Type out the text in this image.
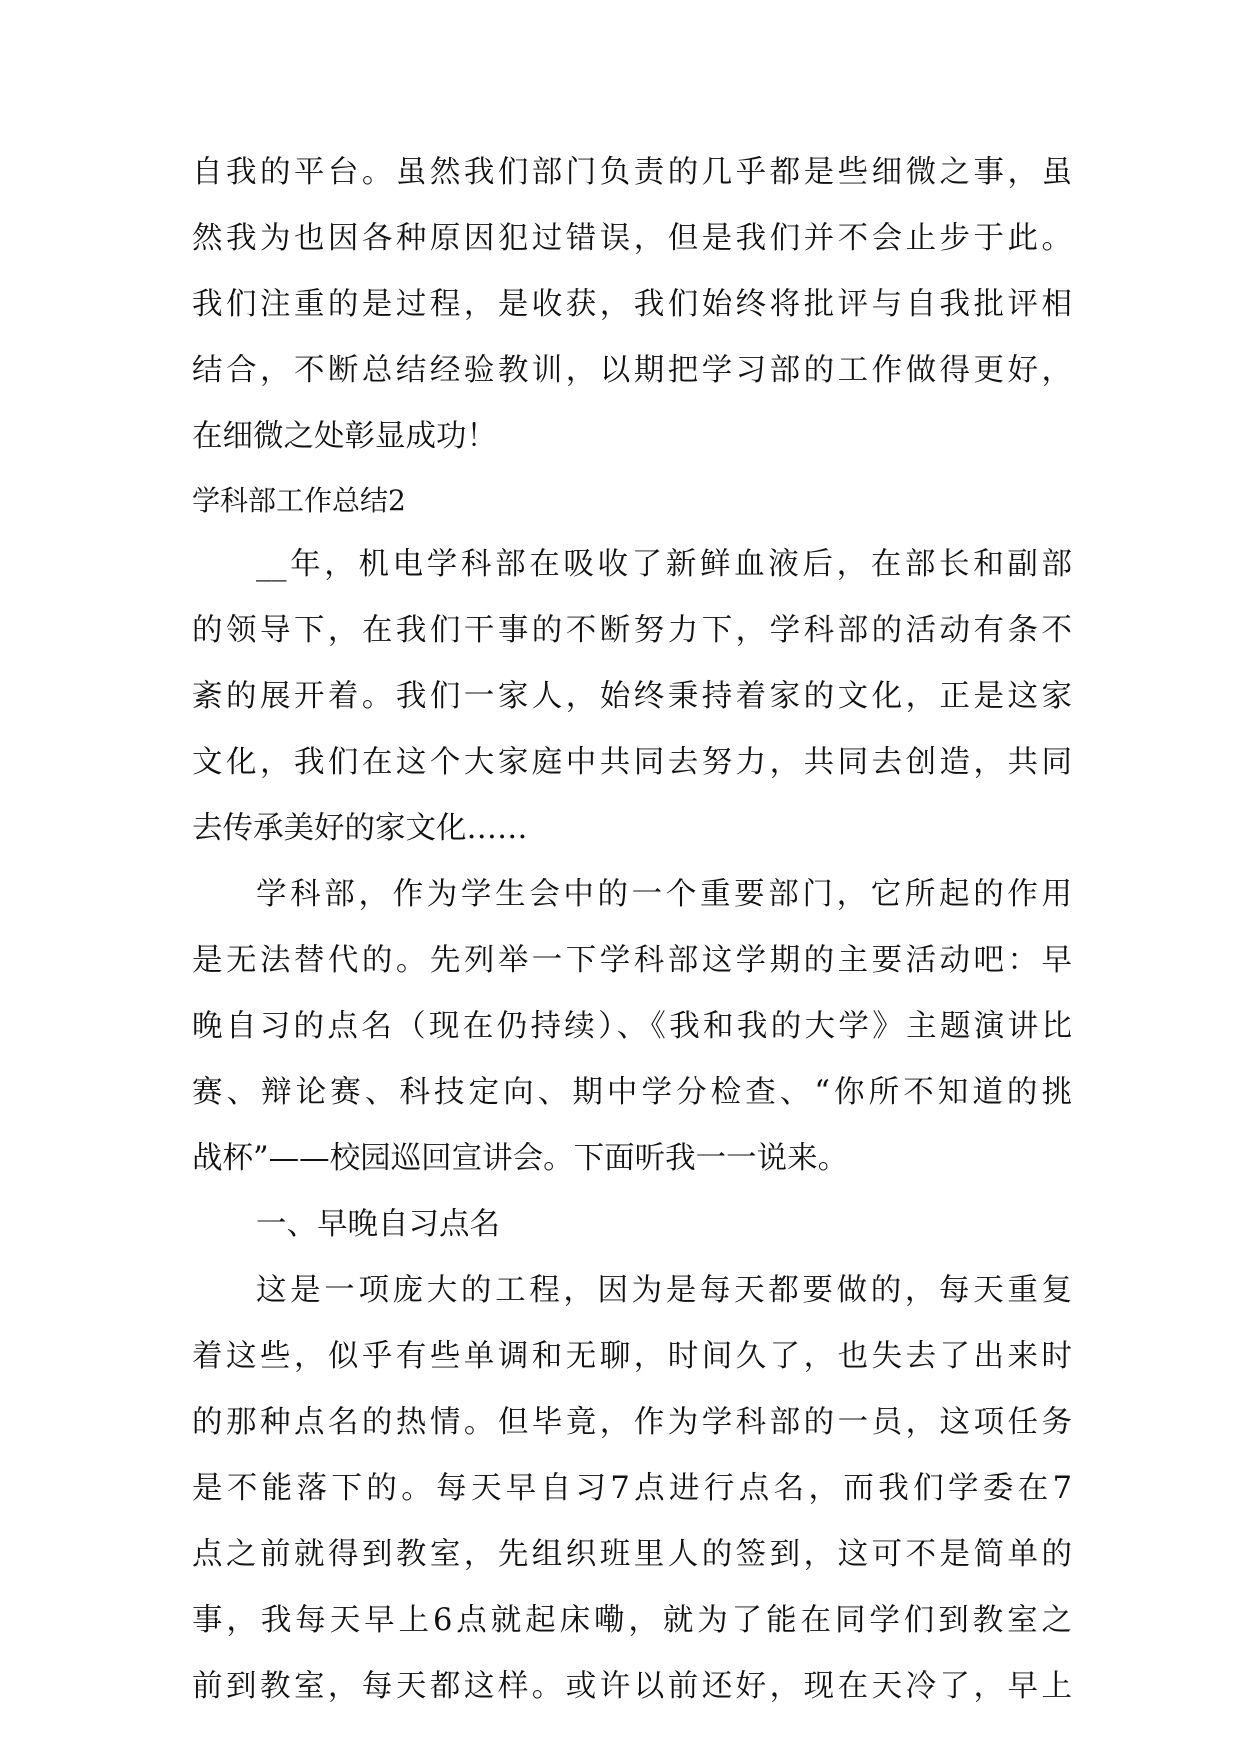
自我的平台。虽然我们部门负责的几乎都是些细微之事，虽
然我为也因各种原因犯过错误，但是我们并不会止步于此。
我们注重的是过程，是收获，我们始终将批评与自我批评相
结合，不断总结经验教训，以期把学习部的工作做得更好，
在细微之处彰显成功！
学科部工作总结2
__年，机电学科部在吸收了新鲜血液后，在部长和副部
的领导下，在我们干事的不断努力下，学科部的活动有条不
紊的展开着。我们一家人，始终秉持着家的文化，正是这家
文化，我们在这个大家庭中共同去努力，共同去创造，共同
去传承美好的家文化……
学科部，作为学生会中的一个重要部门，它所起的作用
是无法替代的。先列举一下学科部这学期的主要活动吧：早
晚自习的点名（现在仍持续）、《我和我的大学》主题演讲比
赛、辩论赛、科技定向、期中学分检查、“你所不知道的挑
战杯”——校园巡回宣讲会。下面听我一一说来。
一、早晚自习点名
这是一项庞大的工程，因为是每天都要做的，每天重复
着这些，似乎有些单调和无聊，时间久了，也失去了出来时
的那种点名的热情。但毕竟，作为学科部的一员，这项任务
是不能落下的。每天早自习7点进行点名，而我们学委在7
点之前就得到教室，先组织班里人的签到，这可不是简单的
事，我每天早上6点就起床嘞，就为了能在同学们到教室之
前到教室，每天都这样。或许以前还好，现在天冷了，早上
